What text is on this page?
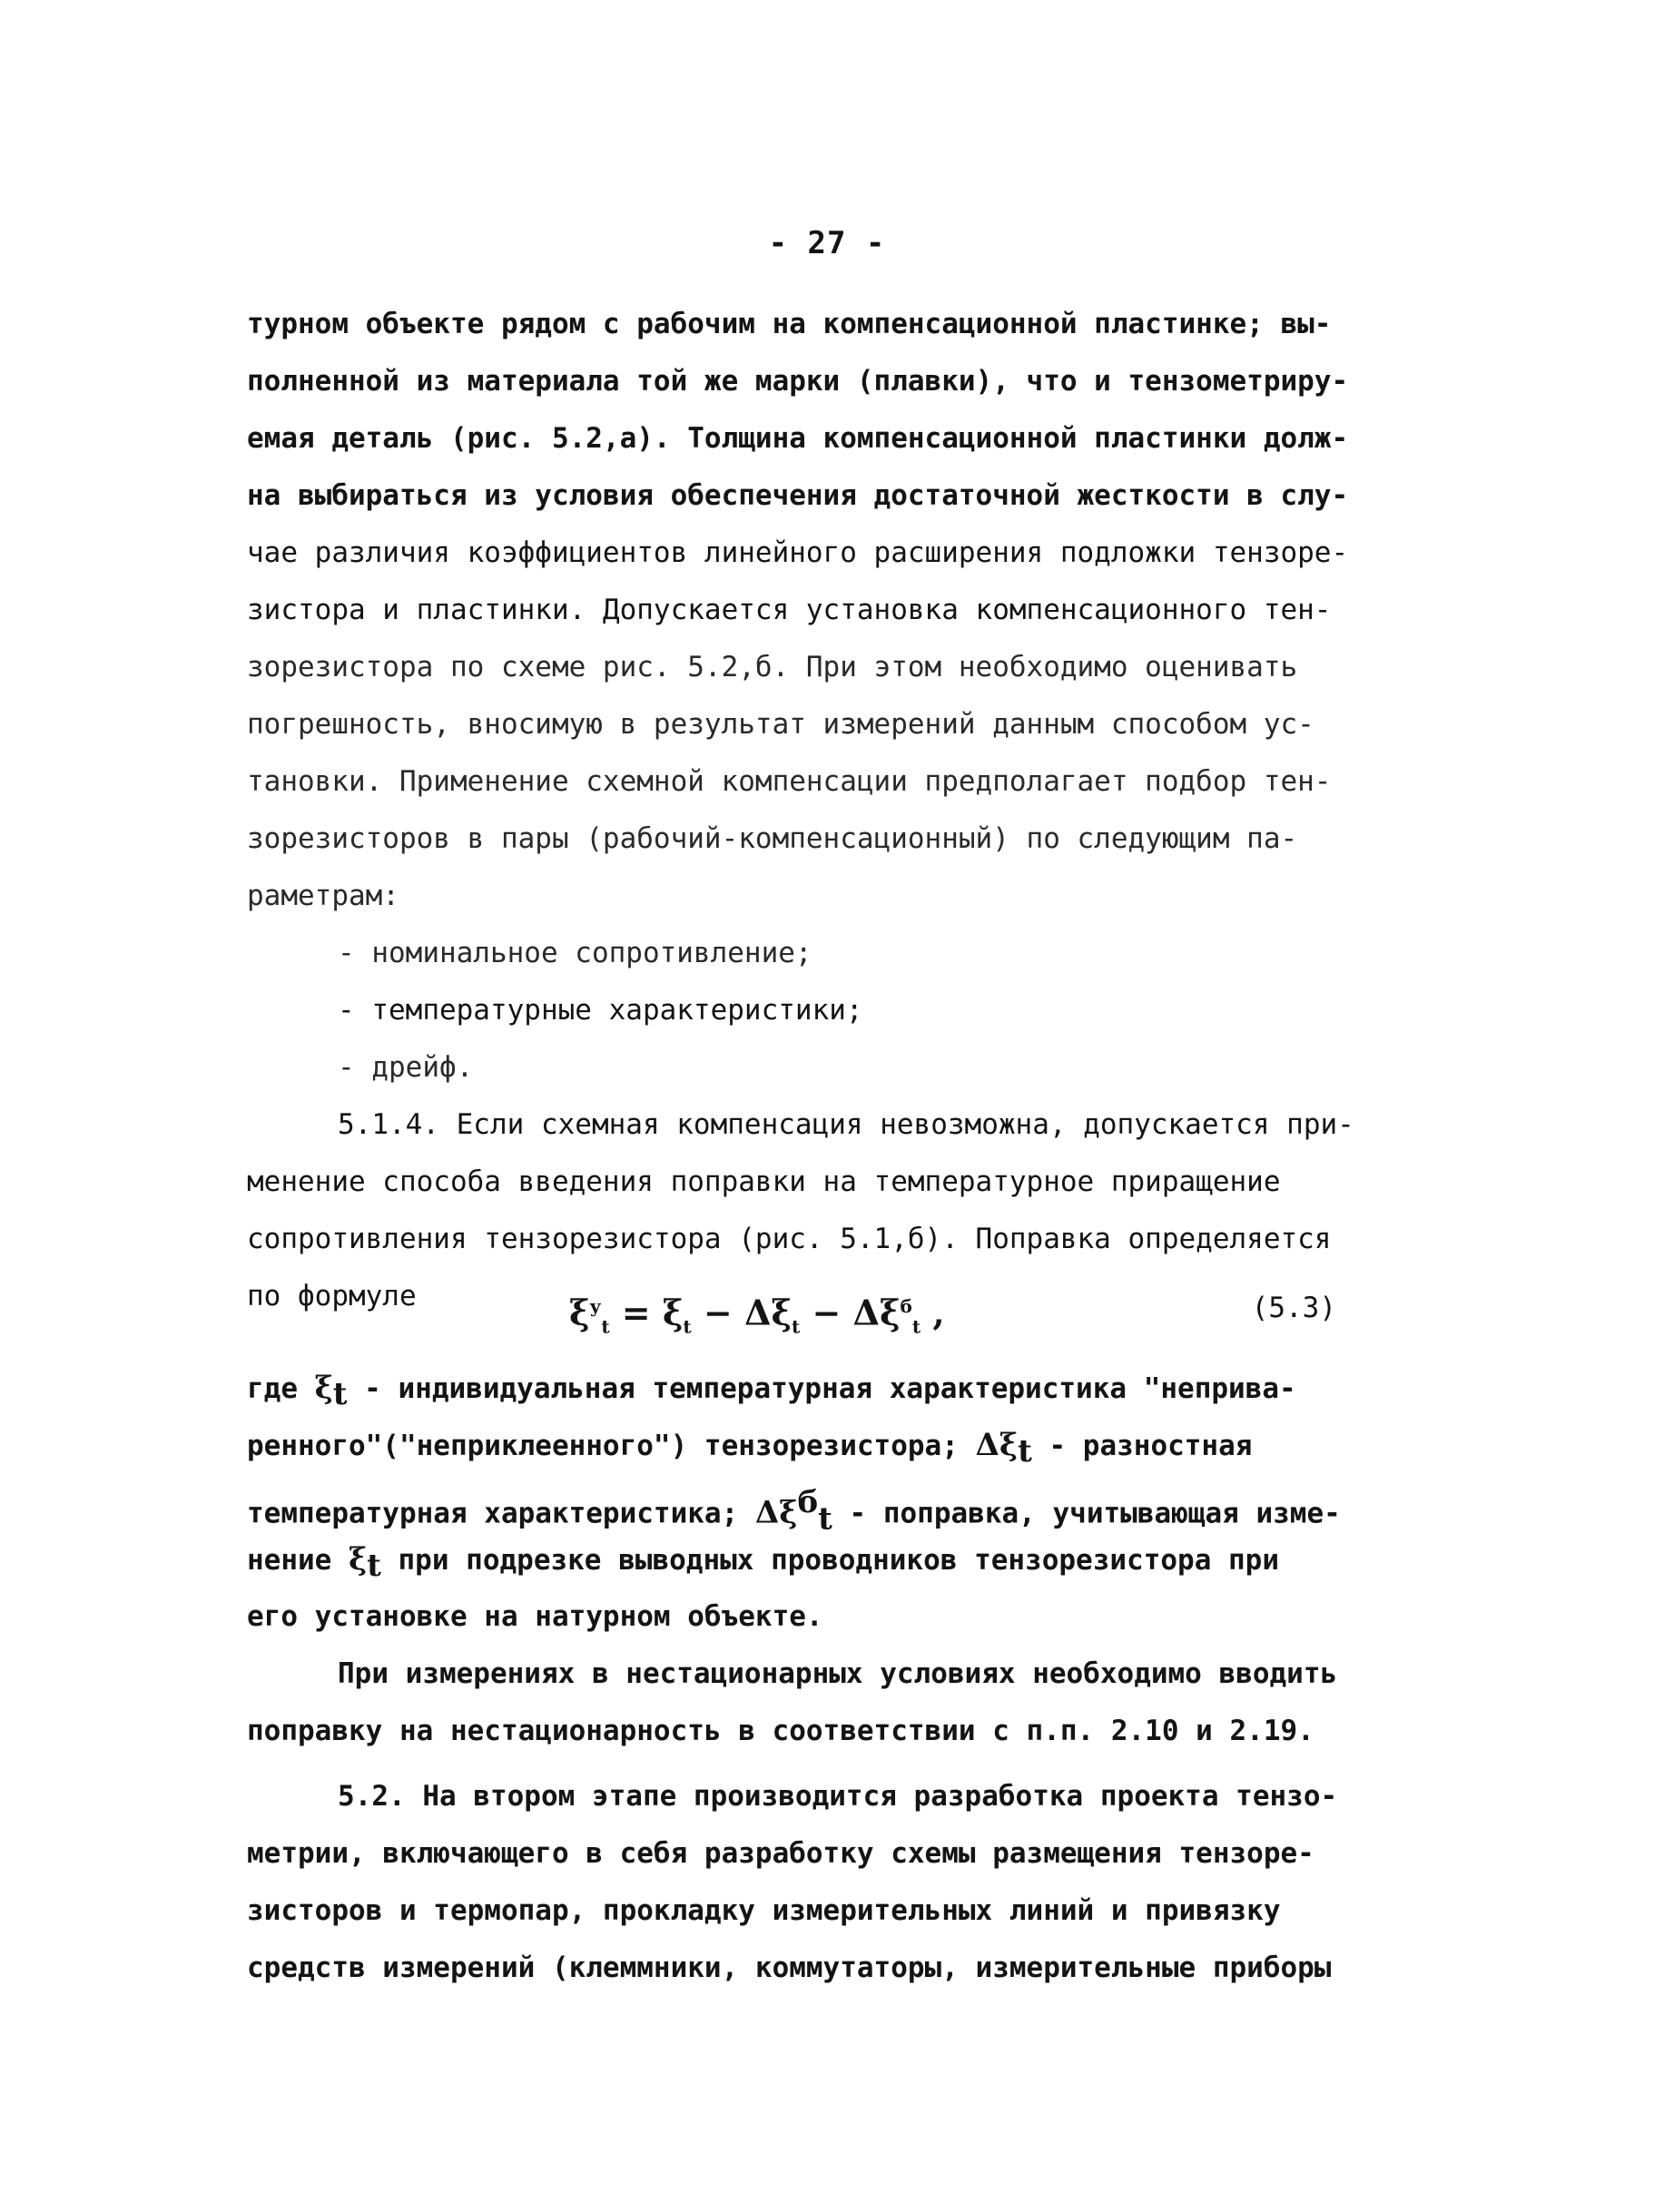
- 27 -
турном объекте рядом с рабочим на компенсационной пластинке; вы-
полненной из материала той же марки (плавки), что и тензометриру-
емая деталь (рис. 5.2,а). Толщина компенсационной пластинки долж-
на выбираться из условия обеспечения достаточной жесткости в слу-
чае различия коэффициентов линейного расширения подложки тензоре-
зистора и пластинки. Допускается установка компенсационного тен-
зорезистора по схеме рис. 5.2,б. При этом необходимо оценивать
погрешность, вносимую в результат измерений данным способом ус-
тановки. Применение схемной компенсации предполагает подбор тен-
зорезисторов в пары (рабочий-компенсационный) по следующим па-
раметрам:
- номинальное сопротивление;
- температурные характеристики;
- дрейф.
5.1.4. Если схемная компенсация невозможна, допускается при-
менение способа введения поправки на температурное приращение
сопротивления тензорезистора (рис. 5.1,б). Поправка определяется
по формуле	$\xi^у_t = \xi_t - \Delta\xi_t - \Delta\xi^б_t$ ,	(5.3)
где $\xi_t$ - индивидуальная температурная характеристика "неприва-
ренного"("неприклеенного") тензорезистора; $\Delta\xi_t$ - разностная
температурная характеристика; $\Delta\xi^б_t$ - поправка, учитывающая изме-
нение $\xi_t$ при подрезке выводных проводников тензорезистора при
его установке на натурном объекте.
При измерениях в нестационарных условиях необходимо вводить
поправку на нестационарность в соответствии с п.п. 2.10 и 2.19.
5.2. На втором этапе производится разработка проекта тензо-
метрии, включающего в себя разработку схемы размещения тензоре-
зисторов и термопар, прокладку измерительных линий и привязку
средств измерений (клеммники, коммутаторы, измерительные приборы
